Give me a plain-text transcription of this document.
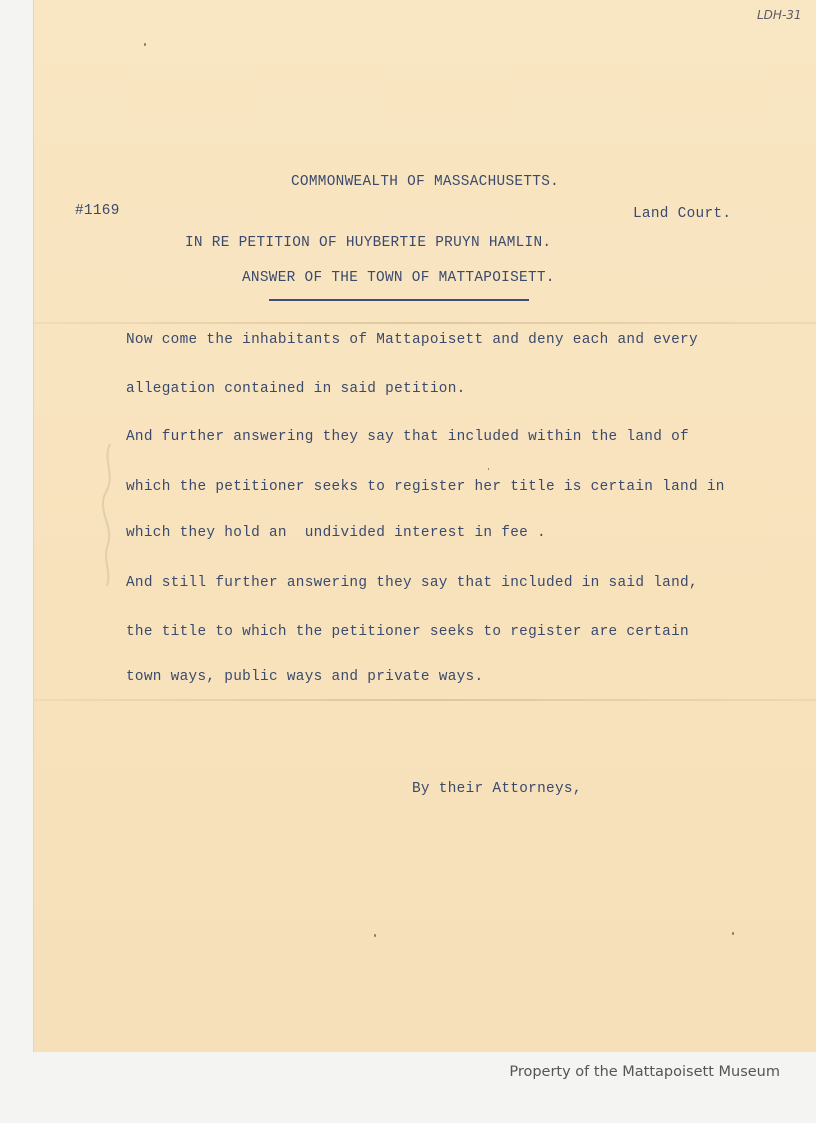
LDH-31
COMMONWEALTH OF MASSACHUSETTS.
#1169	Land Court.
IN RE PETITION OF HUYBERTIE PRUYN HAMLIN.
ANSWER OF THE TOWN OF MATTAPOISETT.
Now come the inhabitants of Mattapoisett and deny each and every
allegation contained in said petition.
And further answering they say that included within the land of
which the petitioner seeks to register her title is certain land in
which they hold an  undivided interest in fee .
And still further answering they say that included in said land,
the title to which the petitioner seeks to register are certain
town ways, public ways and private ways.
By their Attorneys,
Property of the Mattapoisett Museum
